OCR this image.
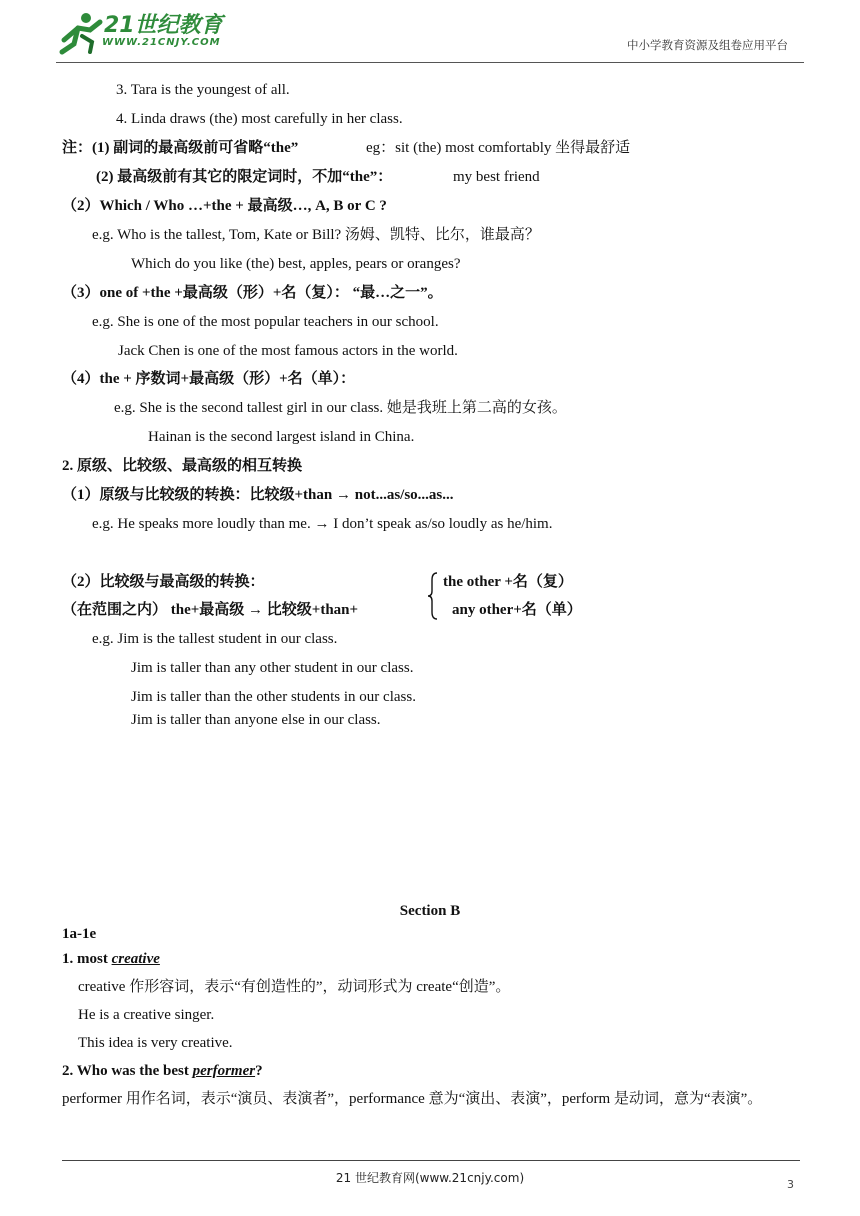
21世纪教育
WWW.21CNJY.COM	中小学教育资源及组卷应用平台
3. Tara is the youngest of all.
4. Linda draws (the) most carefully in her class.
注：(1) 副词的最高级前可省略“the”	eg：sit (the) most comfortably 坐得最舒适
(2) 最高级前有其它的限定词时，不加“the”：	my best friend
（2）Which / Who …+the + 最高级…, A, B or C ?
e.g. Who is the tallest, Tom, Kate or Bill? 汤姆、凯特、比尔，谁最高？
Which do you like (the) best, apples, pears or oranges?
（3）one of +the +最高级（形）+名（复）： “最…之一”。
e.g. She is one of the most popular teachers in our school.
Jack Chen is one of the most famous actors in the world.
（4）the + 序数词+最高级（形）+名（单）：
e.g. She is the second tallest girl in our class. 她是我班上第二高的女孩。
Hainan is the second largest island in China.
2. 原级、比较级、最高级的相互转换
（1）原级与比较级的转换：比较级+than → not...as/so...as...
e.g. He speaks more loudly than me. → I don’t speak as/so loudly as he/him.
（2）比较级与最高级的转换：	the other +名（复）
（在范围之内） the+最高级 → 比较级+than+	any other+名（单）
e.g. Jim is the tallest student in our class.
Jim is taller than any other student in our class.
Jim is taller than the other students in our class.
Jim is taller than anyone else in our class.
Section B
1a-1e
1. most creative
creative 作形容词，表示“有创造性的”，动词形式为 create“创造”。
He is a creative singer.
This idea is very creative.
2. Who was the best performer?
performer 用作名词，表示“演员、表演者”，performance 意为“演出、表演”，perform 是动词，意为“表演”。
21 世纪教育网(www.21cnjy.com)	3
